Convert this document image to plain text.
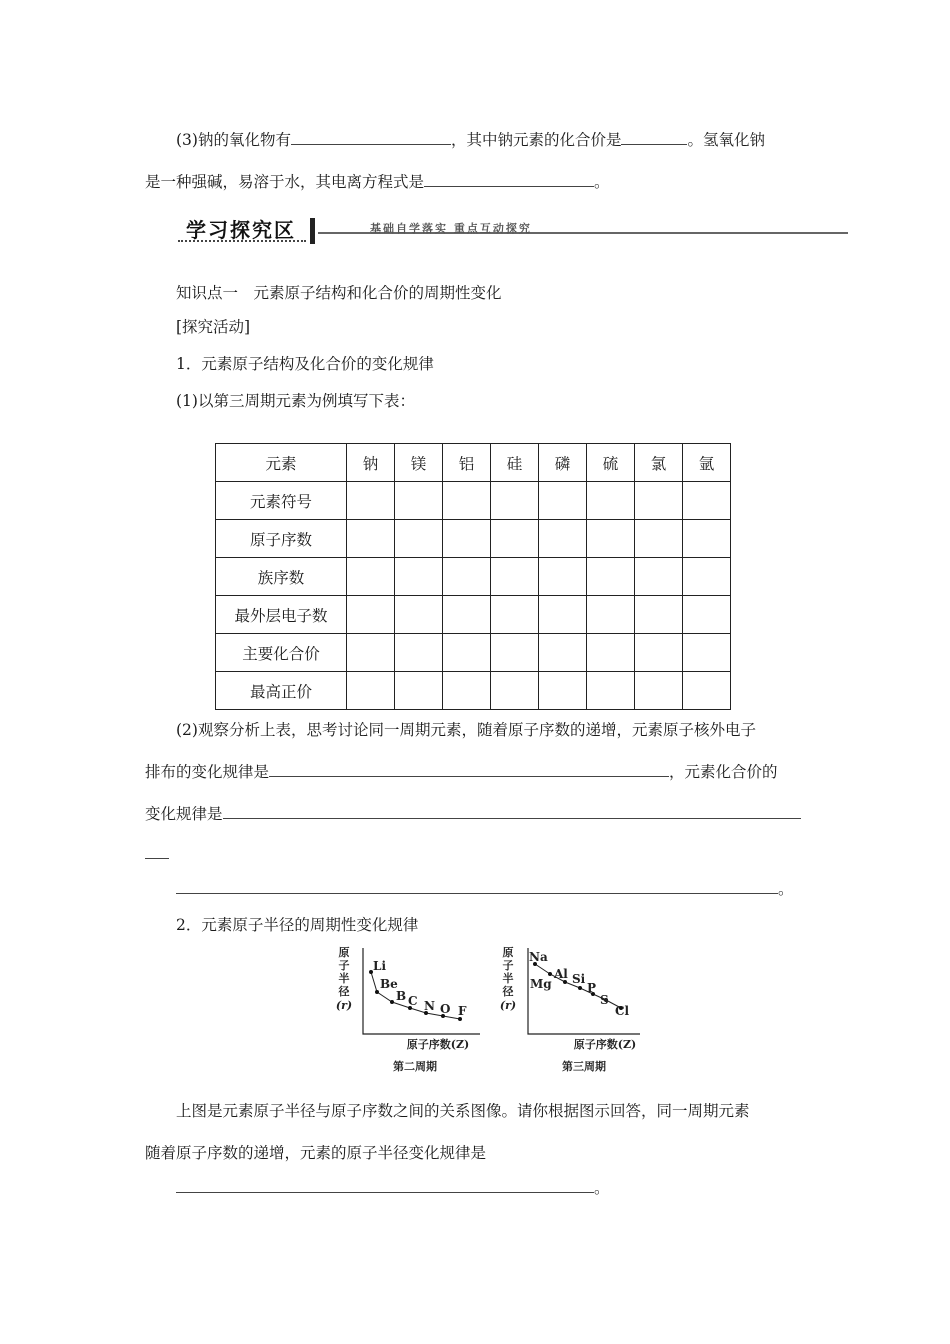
(3)钠的氧化物有	，其中钠元素的化合价是	。氢氧化钠
是一种强碱，易溶于水，其电离方程式是	。
学习探究区	基础自学落实 重点互动探究
知识点一　元素原子结构和化合价的周期性变化
[探究活动]
1．元素原子结构及化合价的变化规律
(1)以第三周期元素为例填写下表：
元素	钠	镁	铝	硅	磷	硫	氯	氩
元素符号								
原子序数								
族序数								
最外层电子数								
主要化合价								
最高正价								
(2)观察分析上表，思考讨论同一周期元素，随着原子序数的递增，元素原子核外电子
排布的变化规律是	，元素化合价的
变化规律是
。
2．元素原子半径的周期性变化规律
原
子
半
径
(r)
原
子
半
径
(r)
原子序数(Z)	原子序数(Z)
第二周期	第三周期
Li
Be
B C N O F
Na
Mg
Al Si
P
S
Cl
上图是元素原子半径与原子序数之间的关系图像。请你根据图示回答，同一周期元素
随着原子序数的递增，元素的原子半径变化规律是
。
